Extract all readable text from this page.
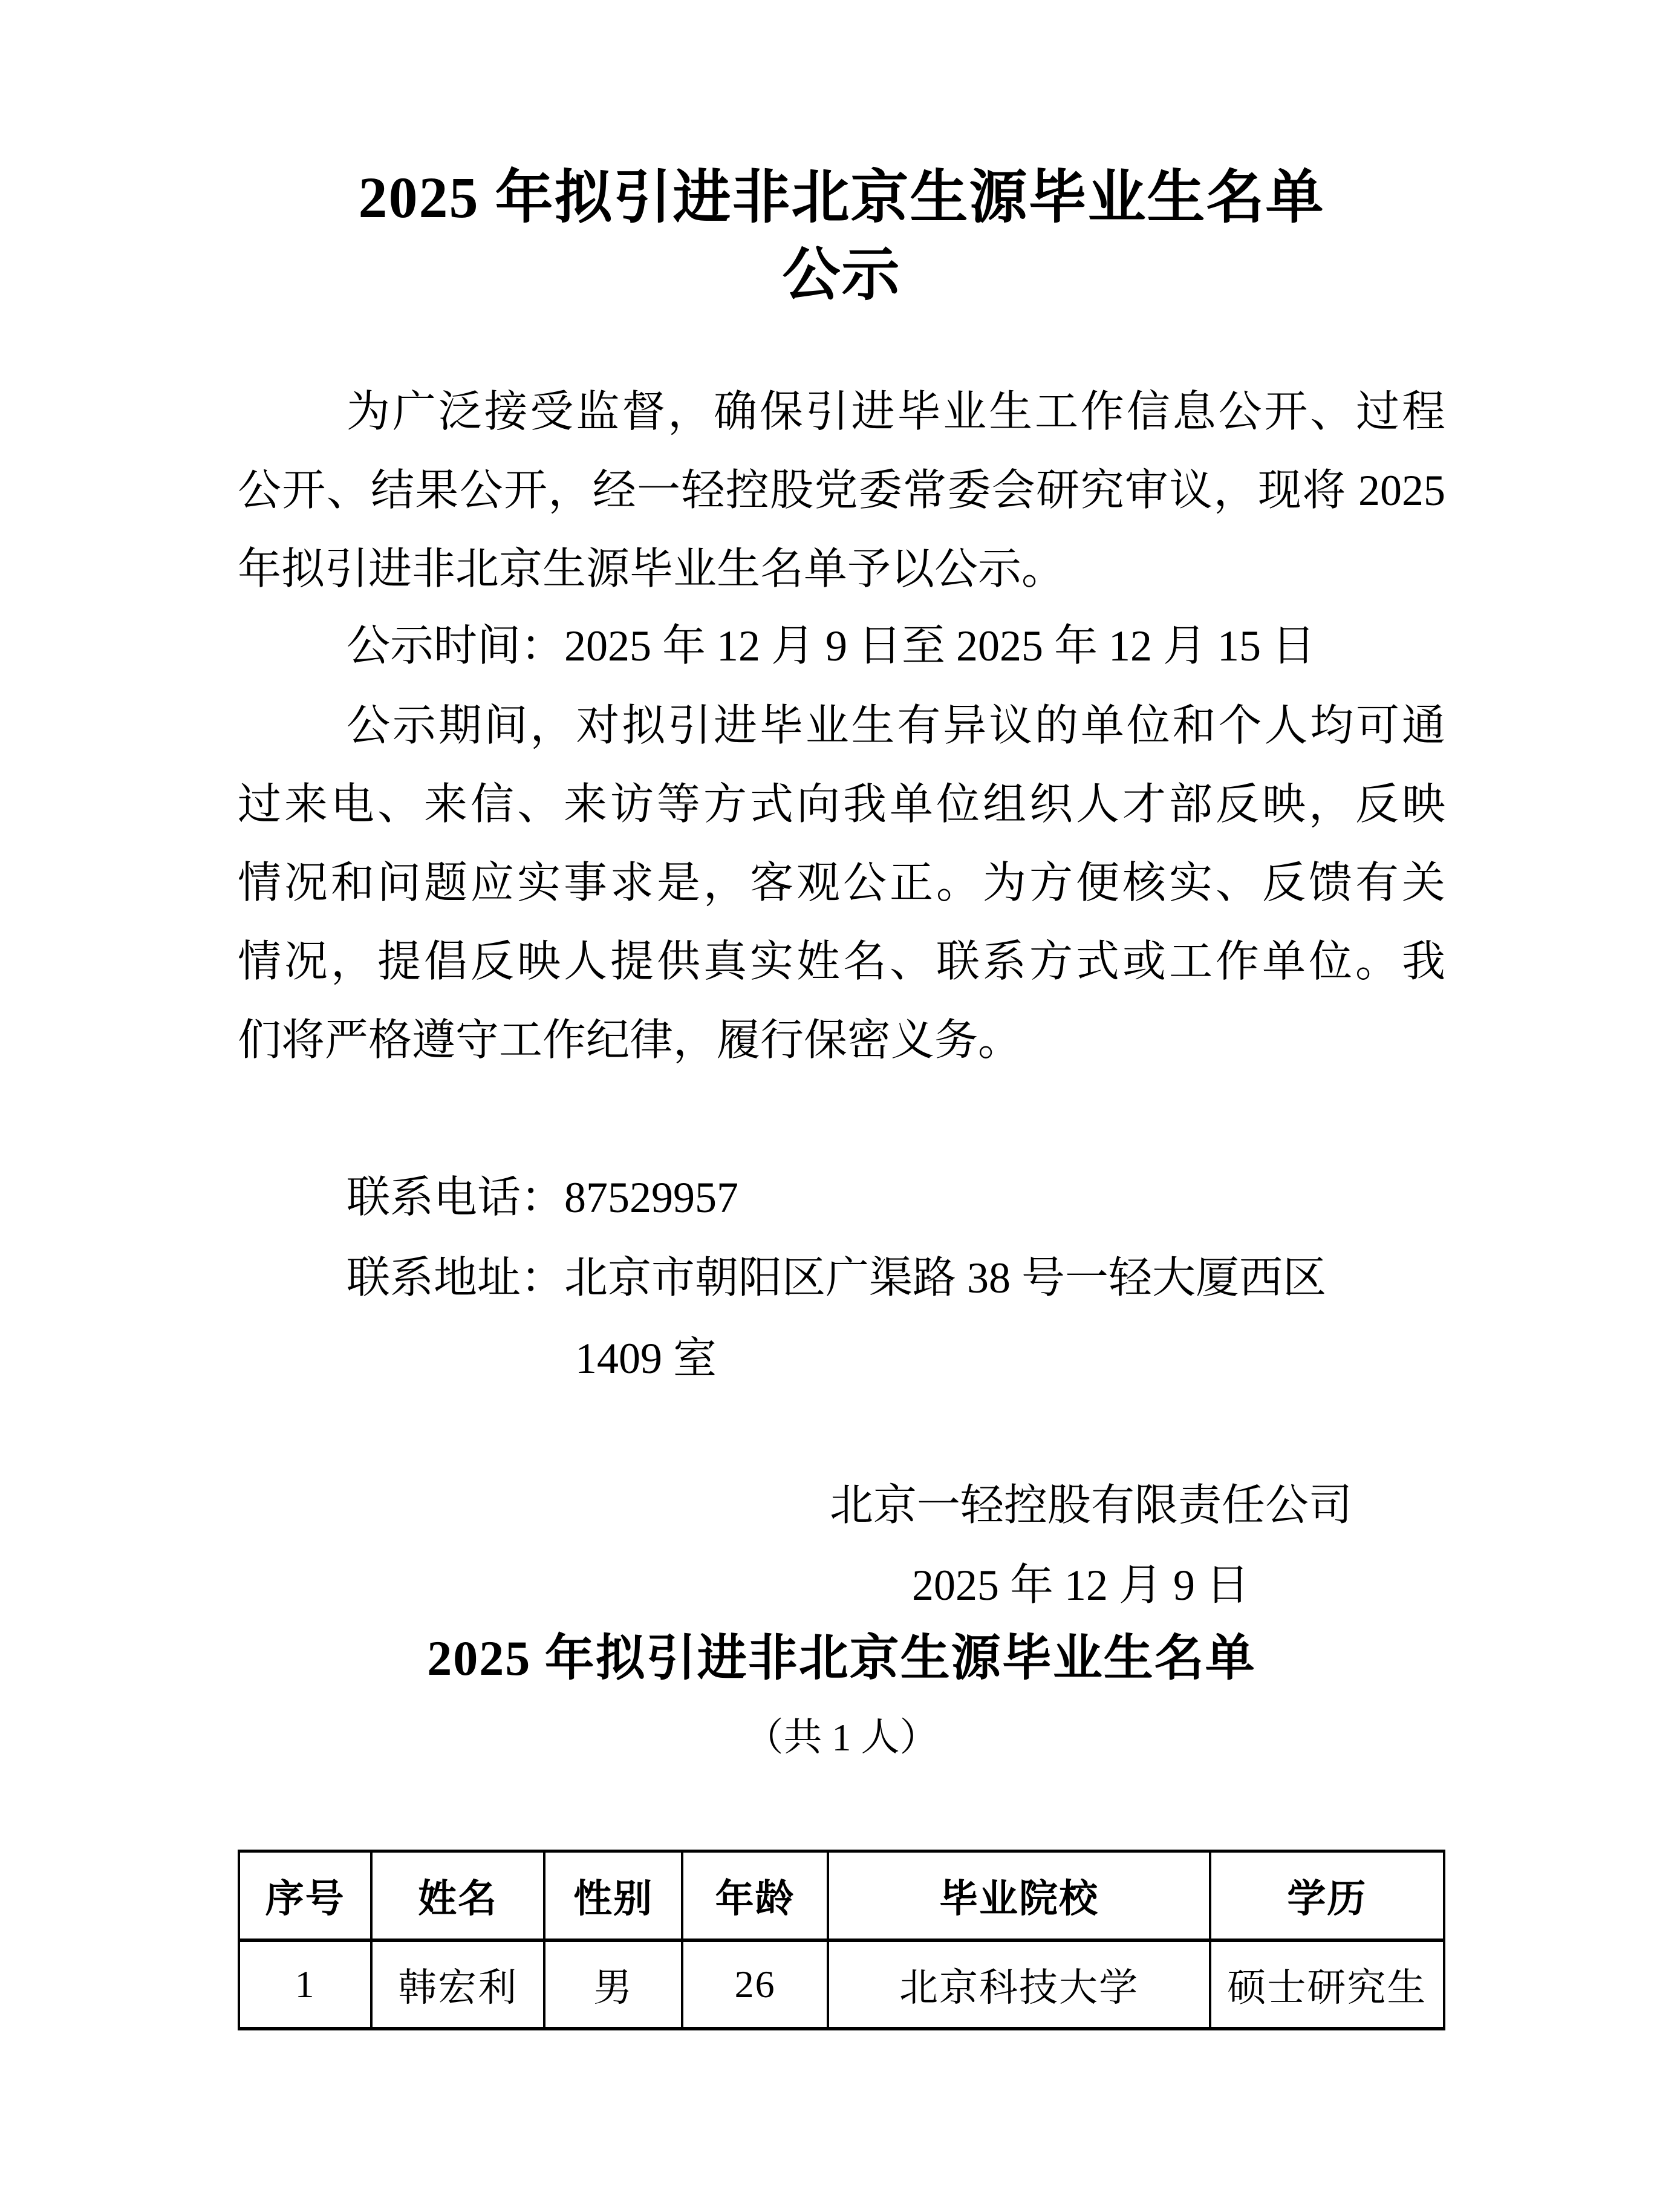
2025 年拟引进非北京生源毕业生名单
公示
为广泛接受监督，确保引进毕业生工作信息公开、过程
公开、结果公开，经一轻控股党委常委会研究审议，现将 2025
年拟引进非北京生源毕业生名单予以公示。
公示时间：2025 年 12 月 9 日至 2025 年 12 月 15 日
公示期间，对拟引进毕业生有异议的单位和个人均可通
过来电、来信、来访等方式向我单位组织人才部反映，反映
情况和问题应实事求是，客观公正。为方便核实、反馈有关
情况，提倡反映人提供真实姓名、联系方式或工作单位。我
们将严格遵守工作纪律，履行保密义务。
联系电话：87529957
联系地址：北京市朝阳区广渠路 38 号一轻大厦西区
1409 室
北京一轻控股有限责任公司
2025 年 12 月 9 日
2025 年拟引进非北京生源毕业生名单
（共 1 人）
序号	姓名	性别	年龄	毕业院校	学历
1	韩宏利	男	26	北京科技大学	硕士研究生
